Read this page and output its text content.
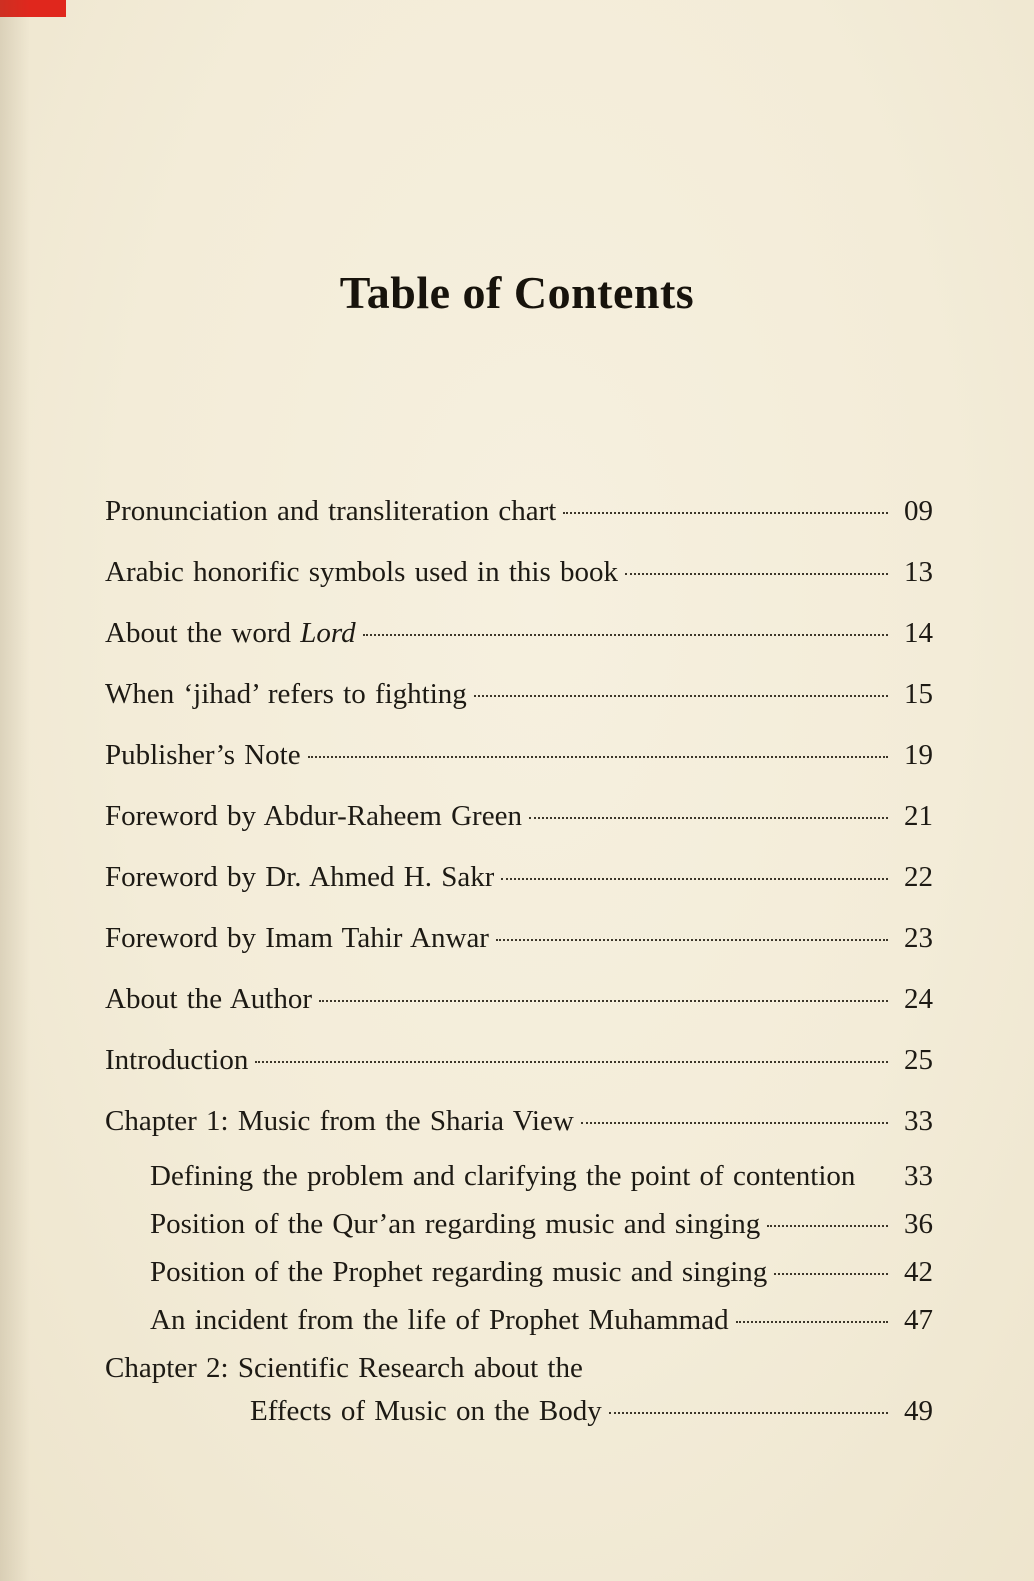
Table of Contents
Pronunciation and transliteration chart	09
Arabic honorific symbols used in this book	13
About the word Lord	14
When ‘jihad’ refers to fighting	15
Publisher’s Note	19
Foreword by Abdur-Raheem Green	21
Foreword by Dr. Ahmed H. Sakr	22
Foreword by Imam Tahir Anwar	23
About the Author	24
Introduction	25
Chapter 1: Music from the Sharia View	33
Defining the problem and clarifying the point of contention	33
Position of the Qur’an regarding music and singing	36
Position of the Prophet regarding music and singing	42
An incident from the life of Prophet Muhammad	47
Chapter 2: Scientific Research about the
Effects of Music on the Body	49
